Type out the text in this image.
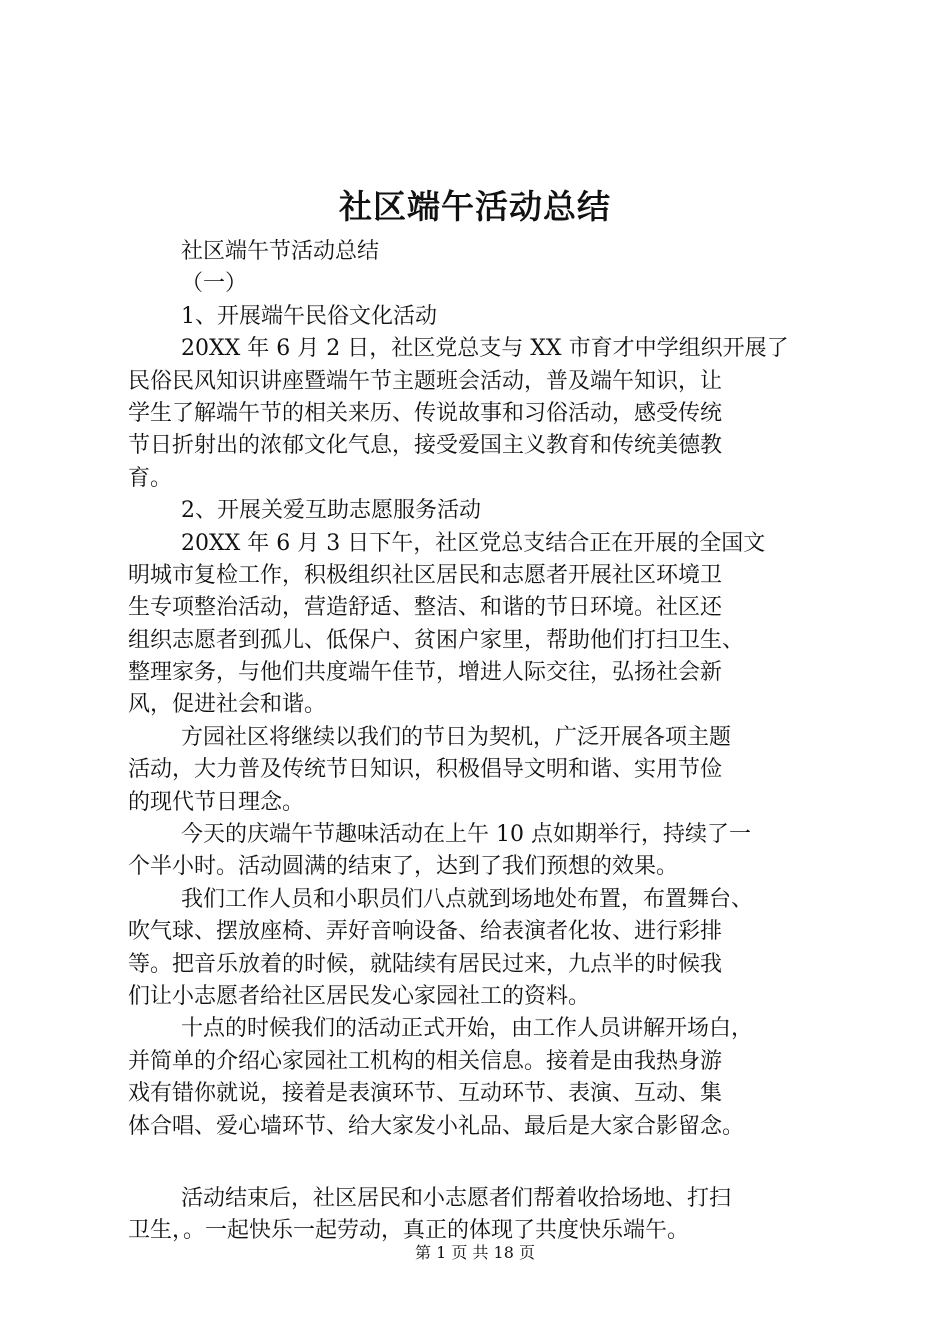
社区端午活动总结
社区端午节活动总结
（一）
1、开展端午民俗文化活动
20XX 年 6 月 2 日，社区党总支与 XX 市育才中学组织开展了
民俗民风知识讲座暨端午节主题班会活动，普及端午知识，让
学生了解端午节的相关来历、传说故事和习俗活动，感受传统
节日折射出的浓郁文化气息，接受爱国主义教育和传统美德教
育。
2、开展关爱互助志愿服务活动
20XX 年 6 月 3 日下午，社区党总支结合正在开展的全国文
明城市复检工作，积极组织社区居民和志愿者开展社区环境卫
生专项整治活动，营造舒适、整洁、和谐的节日环境。社区还
组织志愿者到孤儿、低保户、贫困户家里，帮助他们打扫卫生、
整理家务，与他们共度端午佳节，增进人际交往，弘扬社会新
风，促进社会和谐。
方园社区将继续以我们的节日为契机，广泛开展各项主题
活动，大力普及传统节日知识，积极倡导文明和谐、实用节俭
的现代节日理念。
今天的庆端午节趣味活动在上午 10 点如期举行，持续了一
个半小时。活动圆满的结束了，达到了我们预想的效果。
我们工作人员和小职员们八点就到场地处布置，布置舞台、
吹气球、摆放座椅、弄好音响设备、给表演者化妆、进行彩排
等。把音乐放着的时候，就陆续有居民过来，九点半的时候我
们让小志愿者给社区居民发心家园社工的资料。
十点的时候我们的活动正式开始，由工作人员讲解开场白，
并简单的介绍心家园社工机构的相关信息。接着是由我热身游
戏有错你就说，接着是表演环节、互动环节、表演、互动、集
体合唱、爱心墙环节、给大家发小礼品、最后是大家合影留念。
活动结束后，社区居民和小志愿者们帮着收拾场地、打扫
卫生，。一起快乐一起劳动，真正的体现了共度快乐端午。
第 1 页 共 18 页
